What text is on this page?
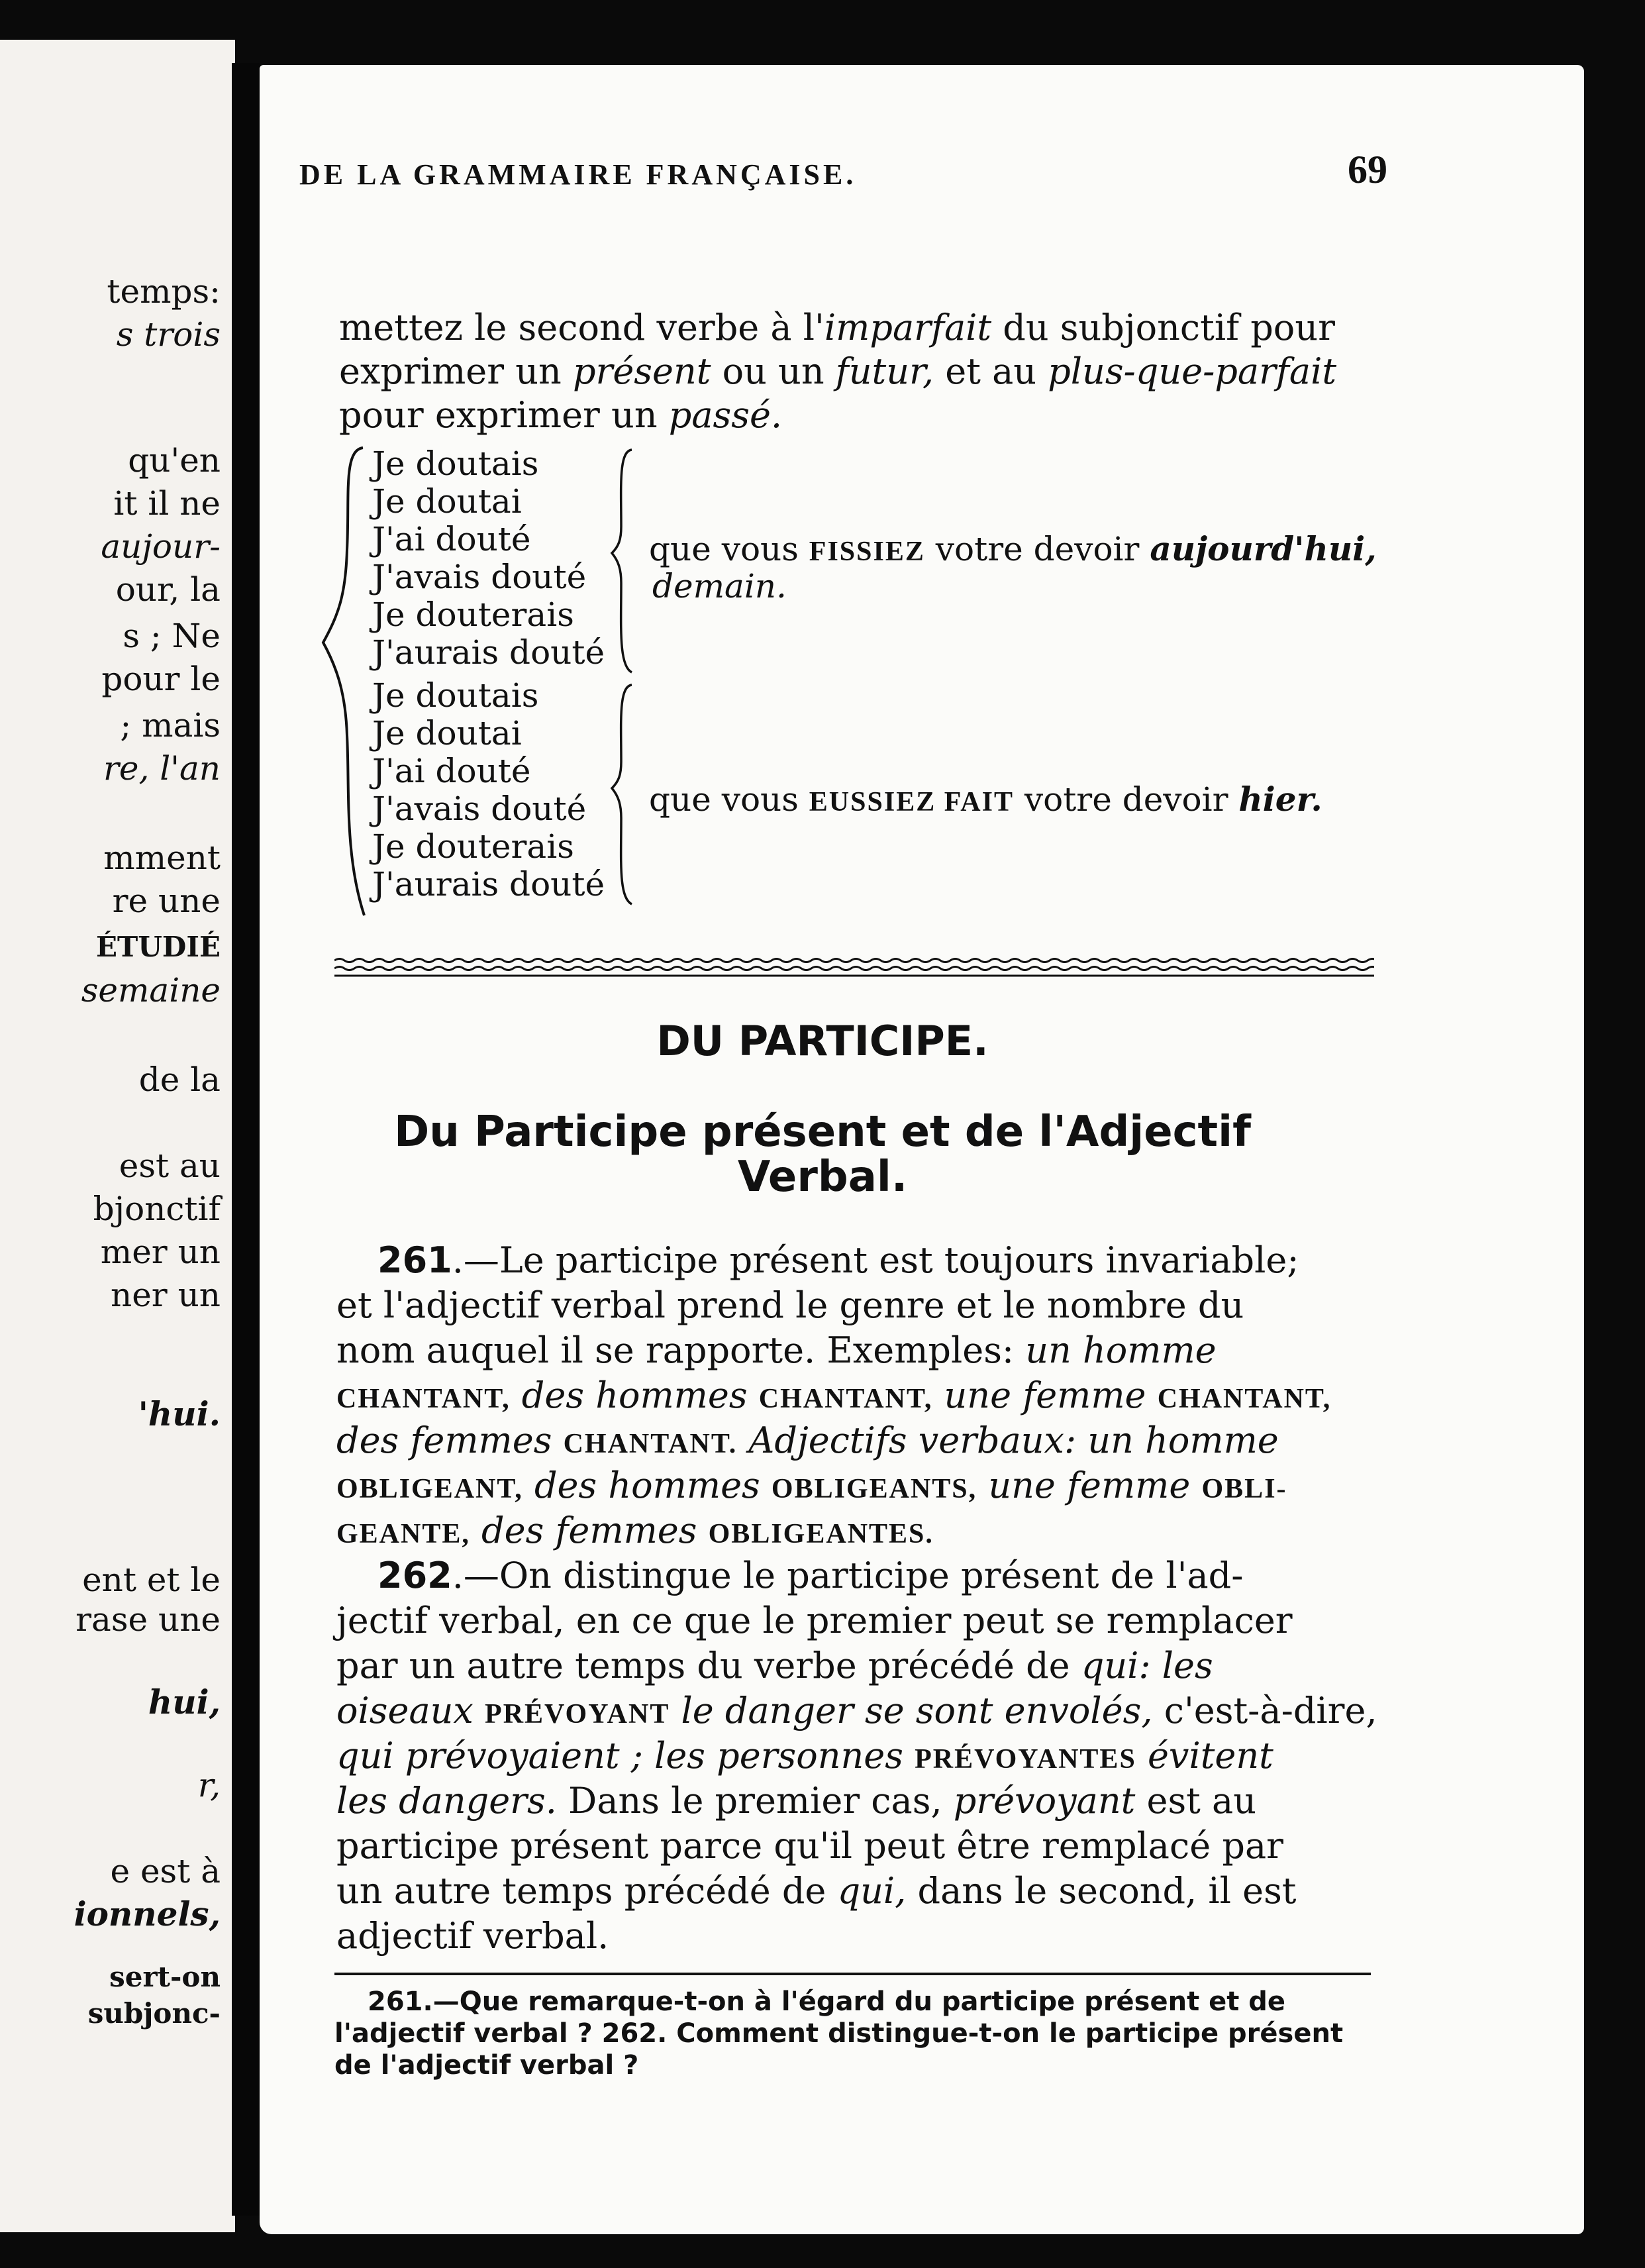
temps:
s trois
qu'en
it il ne
aujour-
our, la
s ; Ne
pour le
; mais
re, l'an
mment
re une
ÉTUDIÉ
semaine
de la
est au
bjonctif
mer un
ner un
'hui.
ent et le
rase une
hui,
r,
e est à
ionnels,
sert-on
subjonc-
DE LA GRAMMAIRE FRANÇAISE.	69
mettez le second verbe à l'imparfait du subjonctif pour
exprimer un présent ou un futur, et au plus-que-parfait
pour exprimer un passé.
Je doutais
Je doutai
J'ai douté
J'avais douté
Je douterais
J'aurais douté
que vous FISSIEZ votre devoir aujourd'hui,
demain.
Je doutais
Je doutai
J'ai douté
J'avais douté
Je douterais
J'aurais douté
que vous EUSSIEZ FAIT votre devoir hier.
DU PARTICIPE.
Du Participe présent et de l'Adjectif
Verbal.
261.—Le participe présent est toujours invariable;
et l'adjectif verbal prend le genre et le nombre du
nom auquel il se rapporte. Exemples: un homme
CHANTANT, des hommes CHANTANT, une femme CHANTANT,
des femmes CHANTANT. Adjectifs verbaux: un homme
OBLIGEANT, des hommes OBLIGEANTS, une femme OBLI-
GEANTE, des femmes OBLIGEANTES.
262.—On distingue le participe présent de l'ad-
jectif verbal, en ce que le premier peut se remplacer
par un autre temps du verbe précédé de qui: les
oiseaux PRÉVOYANT le danger se sont envolés, c'est-à-dire,
qui prévoyaient ; les personnes PRÉVOYANTES évitent
les dangers. Dans le premier cas, prévoyant est au
participe présent parce qu'il peut être remplacé par
un autre temps précédé de qui, dans le second, il est
adjectif verbal.
261.—Que remarque-t-on à l'égard du participe présent et de
l'adjectif verbal ? 262. Comment distingue-t-on le participe présent
de l'adjectif verbal ?
